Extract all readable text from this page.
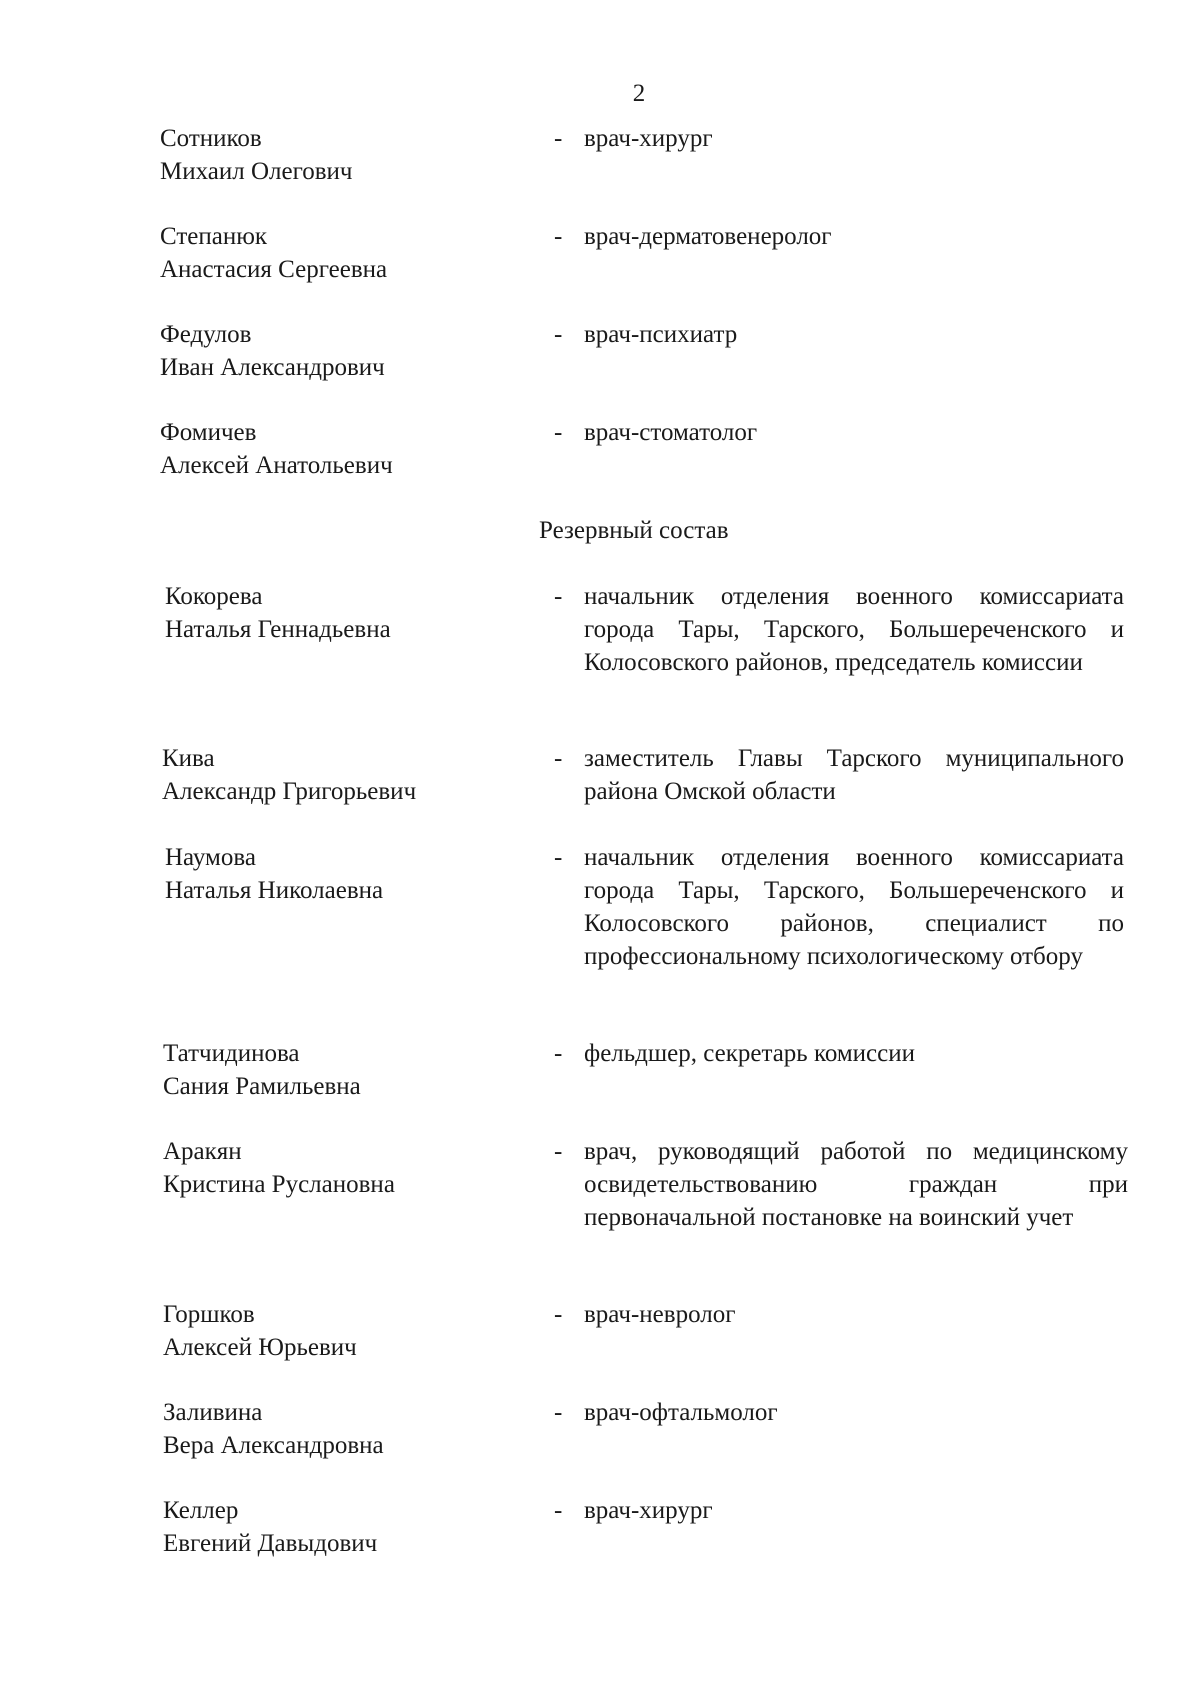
2
Сотников
Михаил Олегович
- врач-хирург
Степанюк
Анастасия Сергеевна
- врач-дерматовенеролог
Федулов
Иван Александрович
- врач-психиатр
Фомичев
Алексей Анатольевич
- врач-стоматолог
Резервный состав
Кокорева
Наталья Геннадьевна
- начальник отделения военного комиссариата города Тары, Тарского, Большереченского и Колосовского районов, председатель комиссии
Кива
Александр Григорьевич
- заместитель Главы Тарского муниципального района Омской области
Наумова
Наталья Николаевна
- начальник отделения военного комиссариата города Тары, Тарского, Большереченского и Колосовского районов, специалист по профессиональному психологическому отбору
Татчидинова
Сания Рамильевна
- фельдшер, секретарь комиссии
Аракян
Кристина Руслановна
- врач, руководящий работой по медицинскому освидетельствованию граждан при первоначальной постановке на воинский учет
Горшков
Алексей Юрьевич
- врач-невролог
Заливина
Вера Александровна
- врач-офтальмолог
Келлер
Евгений Давыдович
- врач-хирург
